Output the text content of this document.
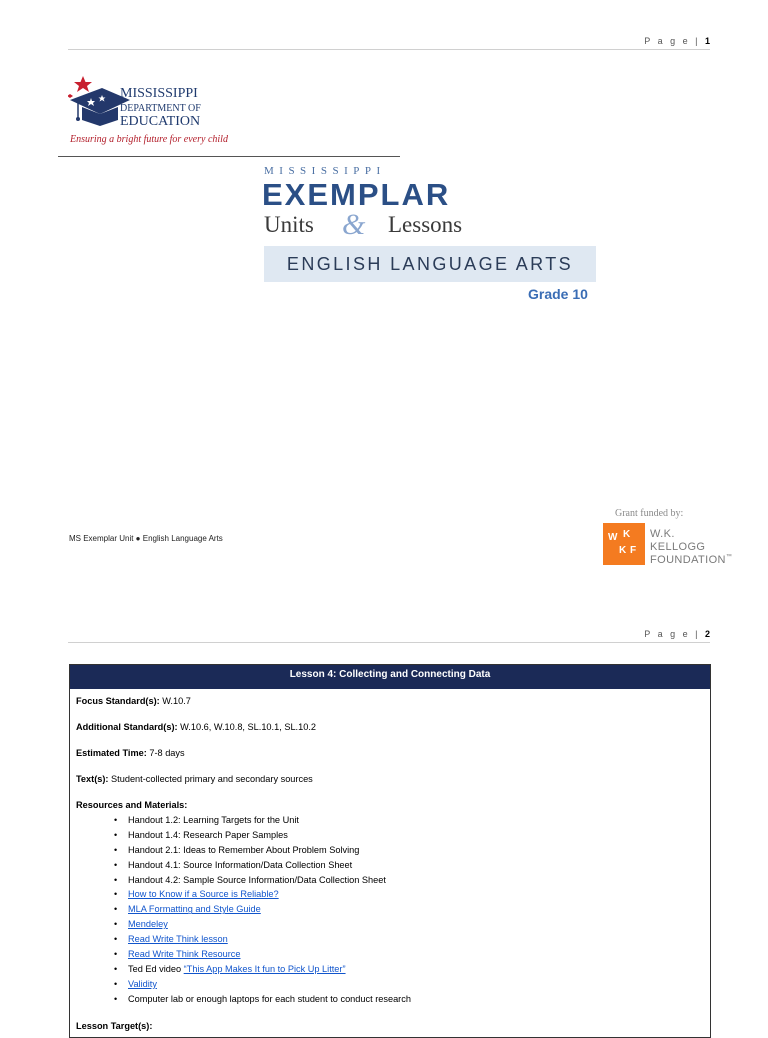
P a g e | 1
MISSISSIPPI
DEPARTMENT OF
EDUCATION
Ensuring a bright future for every child
MISSISSIPPI
EXEMPLAR
Units & Lessons
ENGLISH LANGUAGE ARTS
Grade 10
MS Exemplar Unit ● English Language Arts
Grant funded by:
W K
K F
W.K.
KELLOGG
FOUNDATION™
P a g e | 2
Lesson 4: Collecting and Connecting Data
Focus Standard(s): W.10.7
Additional Standard(s): W.10.6, W.10.8, SL.10.1, SL.10.2
Estimated Time: 7-8 days
Text(s): Student-collected primary and secondary sources
Resources and Materials:
• Handout 1.2: Learning Targets for the Unit
• Handout 1.4: Research Paper Samples
• Handout 2.1: Ideas to Remember About Problem Solving
• Handout 4.1: Source Information/Data Collection Sheet
• Handout 4.2: Sample Source Information/Data Collection Sheet
• How to Know if a Source is Reliable?
• MLA Formatting and Style Guide
• Mendeley
• Read Write Think lesson
• Read Write Think Resource
• Ted Ed video “This App Makes It fun to Pick Up Litter”
• Validity
• Computer lab or enough laptops for each student to conduct research
Lesson Target(s):
